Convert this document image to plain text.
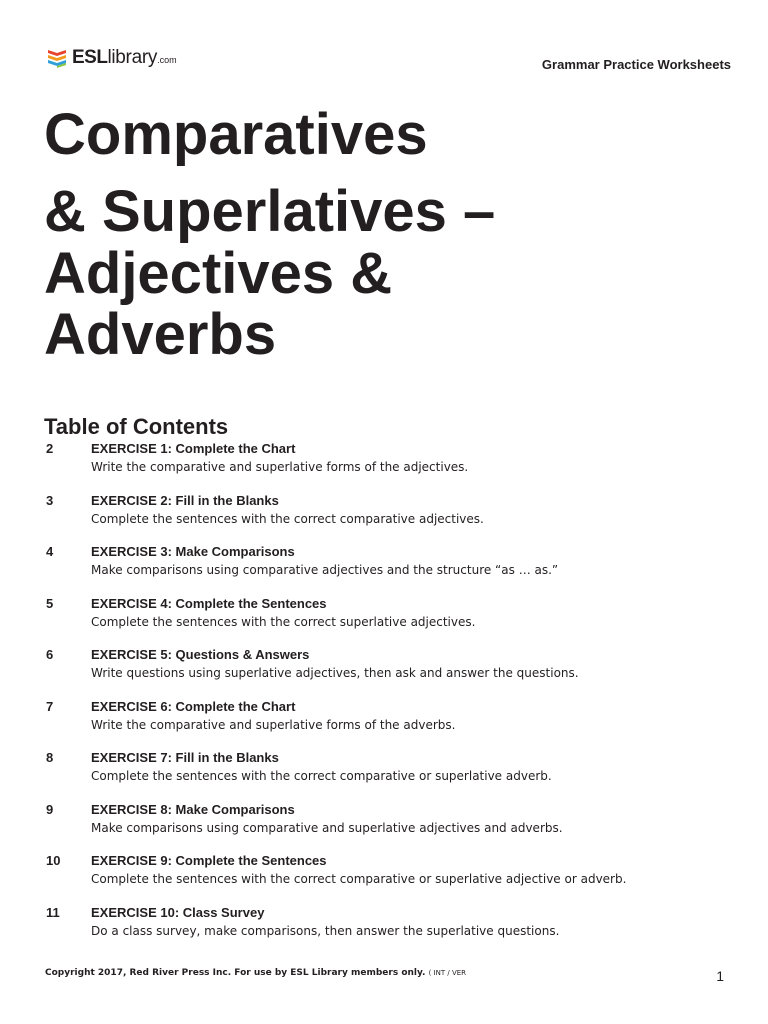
ESLlibrary.com	Grammar Practice Worksheets
Comparatives
& Superlatives –
Adjectives &
Adverbs
Table of Contents
2	EXERCISE 1: Complete the Chart
Write the comparative and superlative forms of the adjectives.
3	EXERCISE 2: Fill in the Blanks
Complete the sentences with the correct comparative adjectives.
4	EXERCISE 3: Make Comparisons
Make comparisons using comparative adjectives and the structure “as … as.”
5	EXERCISE 4: Complete the Sentences
Complete the sentences with the correct superlative adjectives.
6	EXERCISE 5: Questions & Answers
Write questions using superlative adjectives, then ask and answer the questions.
7	EXERCISE 6: Complete the Chart
Write the comparative and superlative forms of the adverbs.
8	EXERCISE 7: Fill in the Blanks
Complete the sentences with the correct comparative or superlative adverb.
9	EXERCISE 8: Make Comparisons
Make comparisons using comparative and superlative adjectives and adverbs.
10	EXERCISE 9: Complete the Sentences
Complete the sentences with the correct comparative or superlative adjective or adverb.
11	EXERCISE 10: Class Survey
Do a class survey, make comparisons, then answer the superlative questions.
Copyright 2017, Red River Press Inc. For use by ESL Library members only. ( INT / VER	1
